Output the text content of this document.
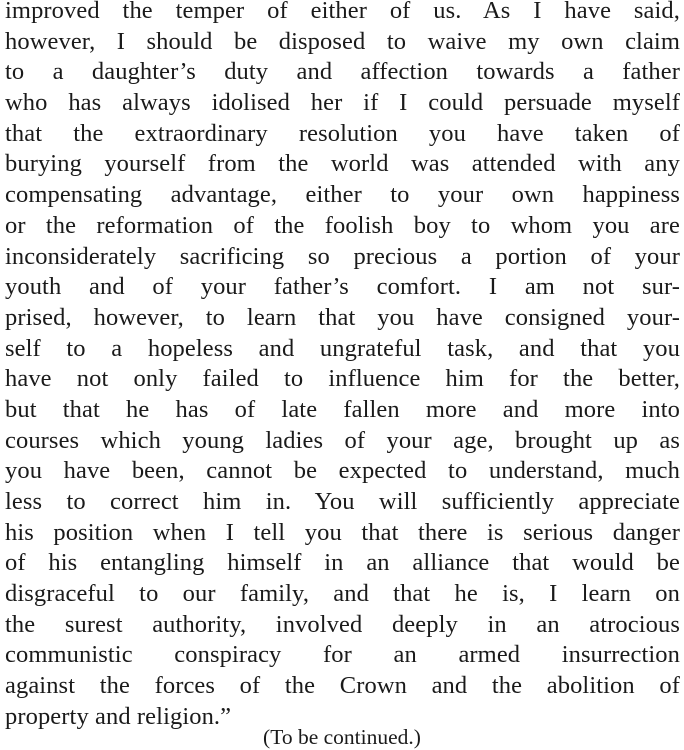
improved the temper of either of us. As I have said,
however, I should be disposed to waive my own claim
to a daughter’s duty and affection towards a father
who has always idolised her if I could persuade myself
that the extraordinary resolution you have taken of
burying yourself from the world was attended with any
compensating advantage, either to your own happiness
or the reformation of the foolish boy to whom you are
inconsiderately sacrificing so precious a portion of your
youth and of your father’s comfort. I am not sur-
prised, however, to learn that you have consigned your-
self to a hopeless and ungrateful task, and that you
have not only failed to influence him for the better,
but that he has of late fallen more and more into
courses which young ladies of your age, brought up as
you have been, cannot be expected to understand, much
less to correct him in. You will sufficiently appreciate
his position when I tell you that there is serious danger
of his entangling himself in an alliance that would be
disgraceful to our family, and that he is, I learn on
the surest authority, involved deeply in an atrocious
communistic conspiracy for an armed insurrection
against the forces of the Crown and the abolition of
property and religion.”
(To be continued.)
